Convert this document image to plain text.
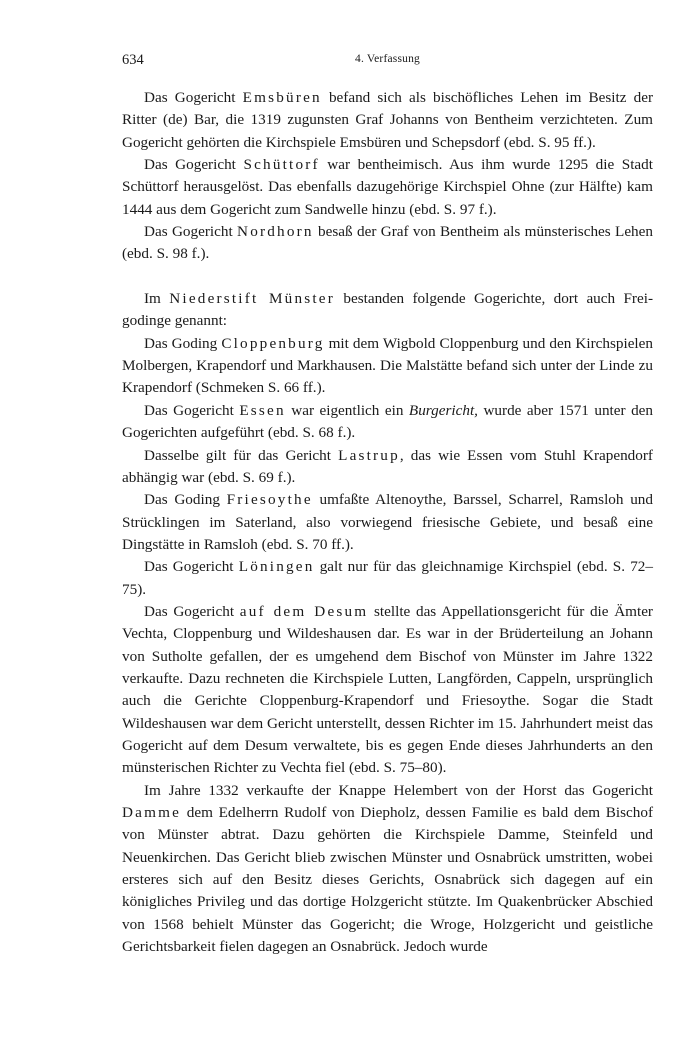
634	4. Verfassung

Das Gogericht Emsbüren befand sich als bischöfliches Lehen im Besitz der Ritter (de) Bar, die 1319 zugunsten Graf Johanns von Bentheim verzichteten. Zum Gogericht gehörten die Kirchspiele Emsbüren und Schepsdorf (ebd. S. 95 ff.).

Das Gogericht Schüttorf war bentheimisch. Aus ihm wurde 1295 die Stadt Schüttorf herausgelöst. Das ebenfalls dazugehörige Kirchspiel Ohne (zur Hälfte) kam 1444 aus dem Gogericht zum Sandwelle hinzu (ebd. S. 97 f.).

Das Gogericht Nordhorn besaß der Graf von Bentheim als münsterisches Lehen (ebd. S. 98 f.).

Im Niederstift Münster bestanden folgende Gogerichte, dort auch Freigodinge genannt:

Das Goding Cloppenburg mit dem Wigbold Cloppenburg und den Kirchspielen Molbergen, Krapendorf und Markhausen. Die Malstätte befand sich unter der Linde zu Krapendorf (Schmeken S. 66 ff.).

Das Gogericht Essen war eigentlich ein Burgericht, wurde aber 1571 unter den Gogerichten aufgeführt (ebd. S. 68 f.).

Dasselbe gilt für das Gericht Lastrup, das wie Essen vom Stuhl Krapendorf abhängig war (ebd. S. 69 f.).

Das Goding Friesoythe umfaßte Altenoythe, Barssel, Scharrel, Ramsloh und Strücklingen im Saterland, also vorwiegend friesische Gebiete, und besaß eine Dingstätte in Ramsloh (ebd. S. 70 ff.).

Das Gogericht Löningen galt nur für das gleichnamige Kirchspiel (ebd. S. 72–75).

Das Gogericht auf dem Desum stellte das Appellationsgericht für die Ämter Vechta, Cloppenburg und Wildeshausen dar. Es war in der Brüderteilung an Johann von Sutholte gefallen, der es umgehend dem Bischof von Münster im Jahre 1322 verkaufte. Dazu rechneten die Kirchspiele Lutten, Langförden, Cappeln, ursprünglich auch die Gerichte Cloppenburg-Krapendorf und Friesoythe. Sogar die Stadt Wildeshausen war dem Gericht unterstellt, dessen Richter im 15. Jahrhundert meist das Gogericht auf dem Desum verwaltete, bis es gegen Ende dieses Jahrhunderts an den münsterischen Richter zu Vechta fiel (ebd. S. 75–80).

Im Jahre 1332 verkaufte der Knappe Helembert von der Horst das Gogericht Damme dem Edelherrn Rudolf von Diepholz, dessen Familie es bald dem Bischof von Münster abtrat. Dazu gehörten die Kirchspiele Damme, Steinfeld und Neuenkirchen. Das Gericht blieb zwischen Münster und Osnabrück umstritten, wobei ersteres sich auf den Besitz dieses Gerichts, Osnabrück sich dagegen auf ein königliches Privileg und das dortige Holzgericht stützte. Im Quakenbrücker Abschied von 1568 behielt Münster das Gogericht; die Wroge, Holzgericht und geistliche Gerichtsbarkeit fielen dagegen an Osnabrück. Jedoch wurde
